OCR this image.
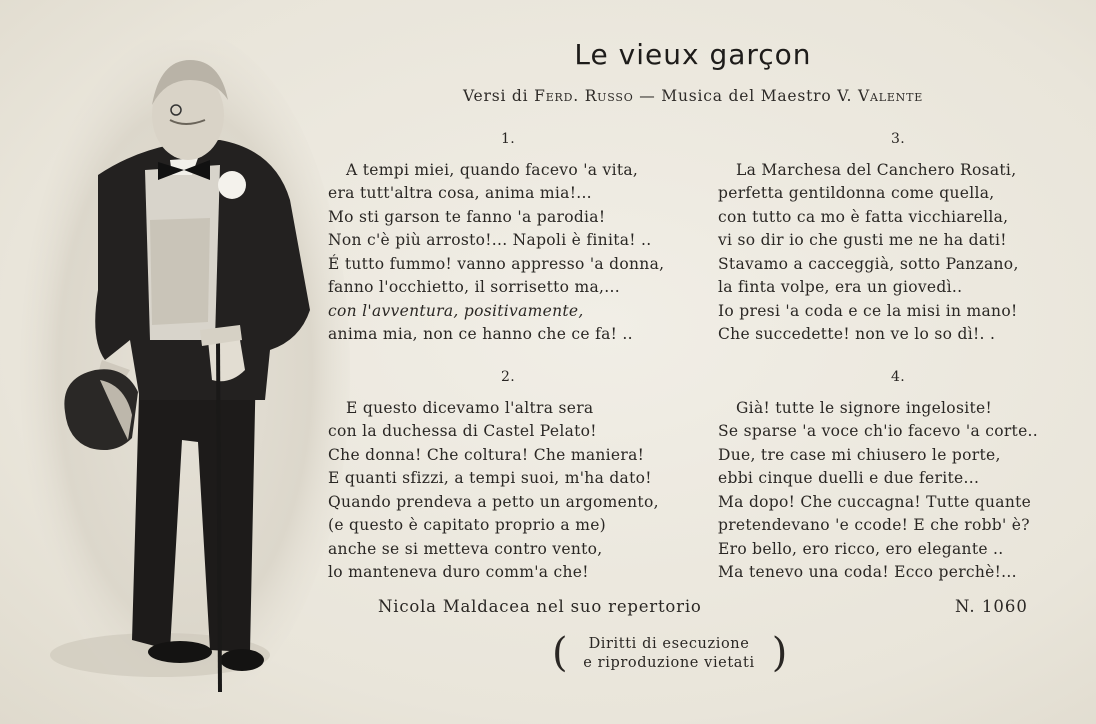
Le vieux garçon
Versi di Ferd. Russo — Musica del Maestro V. Valente
1.
A tempi miei, quando facevo 'a vita,
era tutt'altra cosa, anima mia!...
Mo sti garson te fanno 'a parodia!
Non c'è più arrosto!... Napoli è finita! ..
É tutto fummo! vanno appresso 'a donna,
fanno l'occhietto, il sorrisetto ma,...
con l'avventura, positivamente,
anima mia, non ce hanno che ce fa! ..
2.
E questo dicevamo l'altra sera
con la duchessa di Castel Pelato!
Che donna! Che coltura! Che maniera!
E quanti sfizzi, a tempi suoi, m'ha dato!
Quando prendeva a petto un argomento,
(e questo è capitato proprio a me)
anche se si metteva contro vento,
lo manteneva duro comm'a che!
3.
La Marchesa del Canchero Rosati,
perfetta gentildonna come quella,
con tutto ca mo è fatta vicchiarella,
vi so dir io che gusti me ne ha dati!
Stavamo a cacceggià, sotto Panzano,
la finta volpe, era un giovedì..
Io presi 'a coda e ce la misi in mano!
Che succedette! non ve lo so dì!. .
4.
Già! tutte le signore ingelosite!
Se sparse 'a voce ch'io facevo 'a corte..
Due, tre case mi chiusero le porte,
ebbi cinque duelli e due ferite...
Ma dopo! Che cuccagna! Tutte quante
pretendevano 'e ccode! E che robb' è?
Ero bello, ero ricco, ero elegante ..
Ma tenevo una coda! Ecco perchè!...
Nicola Maldacea nel suo repertorio	N. 1060
(	Diritti di esecuzione
e riproduzione vietati )
